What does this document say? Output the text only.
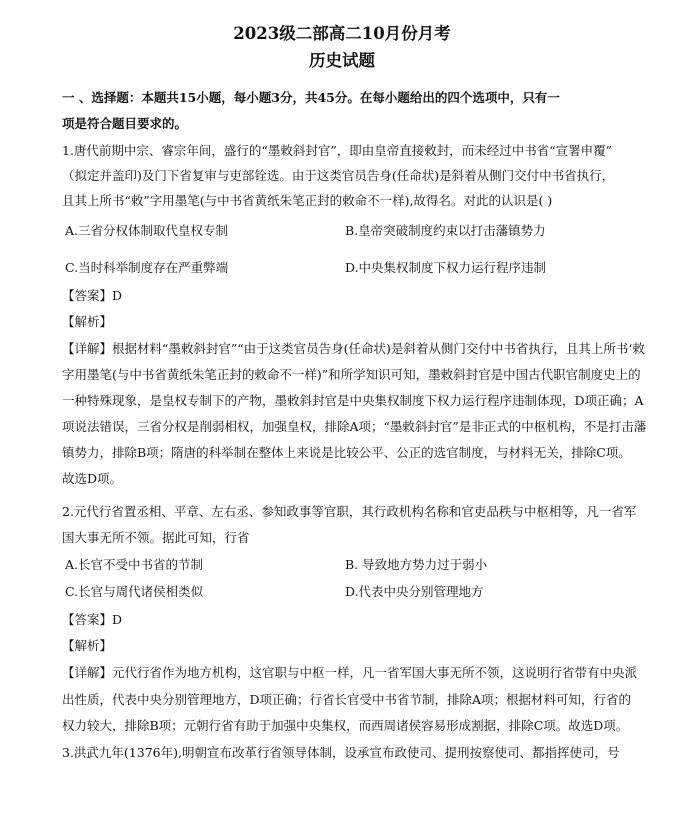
2023级二部高二10月份月考
历史试题
一 、选择题：本题共15小题，每小题3分，共45分。在每小题给出的四个选项中，只有一
项是符合题目要求的。
1.唐代前期中宗、睿宗年间，盛行的“墨敕斜封官”，即由皇帝直接敕封，而未经过中书省“宣署申覆”
（拟定并盖印)及门下省复审与吏部铨选。由于这类官员告身(任命状)是斜着从侧门交付中书省执行，
且其上所书“敕”字用墨笔(与中书省黄纸朱笔正封的敕命不一样),故得名。对此的认识是( )
A.三省分权体制取代皇权专制	B.皇帝突破制度约束以打击藩镇势力
C.当时科举制度存在严重弊端	D.中央集权制度下权力运行程序违制
【答案】D
【解析】
【详解】根据材料“墨敕斜封官”“由于这类官员告身(任命状)是斜着从侧门交付中书省执行，且其上所书‘敕
字用墨笔(与中书省黄纸朱笔正封的敕命不一样)”和所学知识可知，墨敕斜封官是中国古代职官制度史上的
一种特殊现象，是皇权专制下的产物，墨敕斜封官是中央集权制度下权力运行程序违制体现，D项正确；A
项说法错误，三省分权是削弱相权，加强皇权，排除A项；“墨敕斜封官”是非正式的中枢机构，不是打击藩
镇势力，排除B项；隋唐的科举制在整体上来说是比较公平、公正的选官制度，与材料无关，排除C项。
故选D项。
2.元代行省置丞相、平章、左右丞、参知政事等官职，其行政机构名称和官吏品秩与中枢相等，凡一省军
国大事无所不领。据此可知，行省
A.长官不受中书省的节制	B. 导致地方势力过于弱小
C.长官与周代诸侯相类似	D.代表中央分别管理地方
【答案】D
【解析】
【详解】元代行省作为地方机构，这官职与中枢一样，凡一省军国大事无所不领，这说明行省带有中央派
出性质，代表中央分别管理地方，D项正确；行省长官受中书省节制，排除A项；根据材料可知，行省的
权力较大，排除B项；元朝行省有助于加强中央集权，而西周诸侯容易形成割据，排除C项。故选D项。
3.洪武九年(1376年),明朝宣布改革行省领导体制，设承宣布政使司、提刑按察使司、都指挥使司，号
